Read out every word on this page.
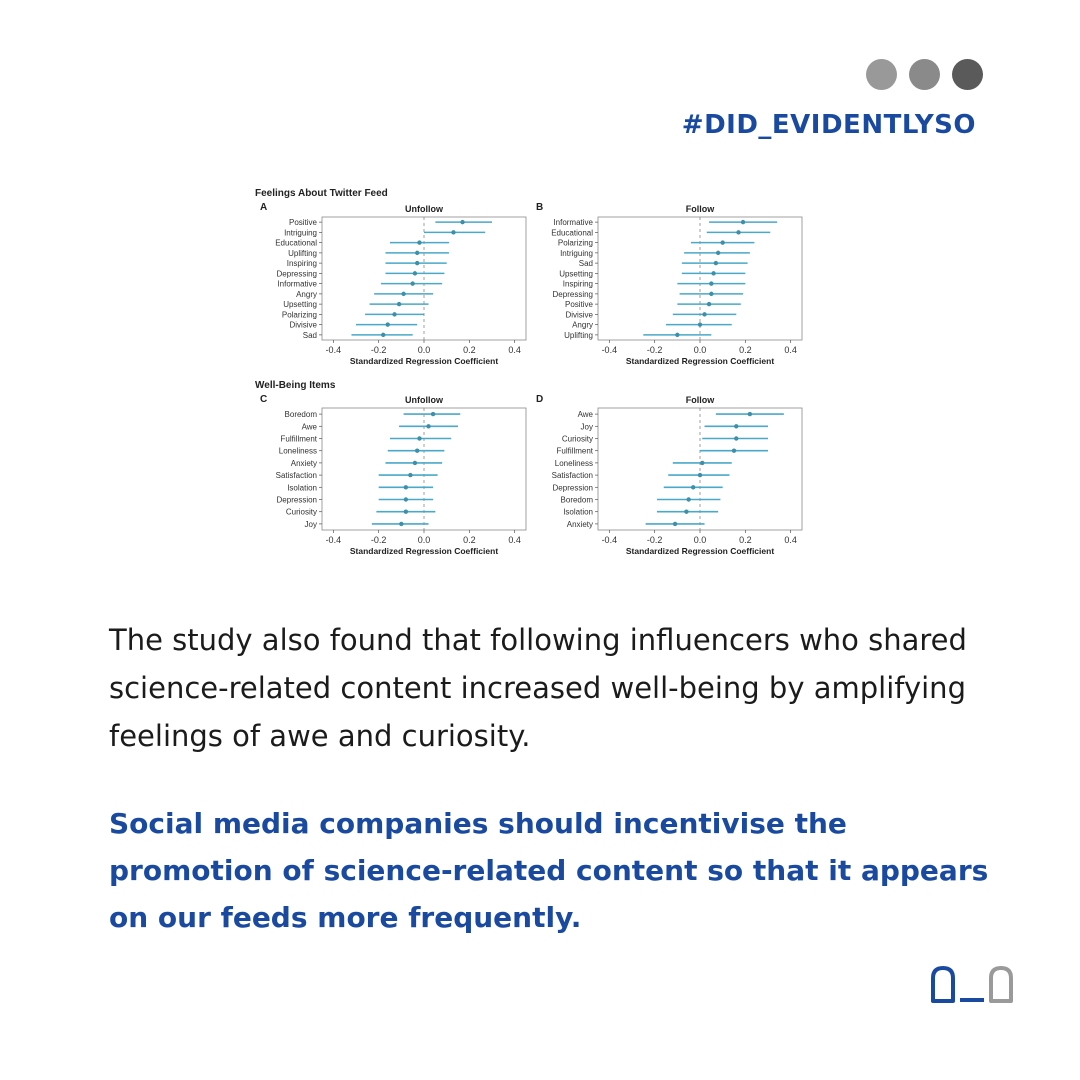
#DID_EVIDENTLYSO
Feelings About Twitter Feed
A	Unfollow
-0.4	-0.2	0.0	0.2	0.4
Standardized Regression Coefficient
Positive
Intriguing
Educational
Uplifting
Inspiring
Depressing
Informative
Angry
Upsetting
Polarizing
Divisive
Sad
B	Follow
-0.4	-0.2	0.0	0.2	0.4
Standardized Regression Coefficient
Informative
Educational
Polarizing
Intriguing
Sad
Upsetting
Inspiring
Depressing
Positive
Divisive
Angry
Uplifting
Well-Being Items
C	Unfollow
-0.4	-0.2	0.0	0.2	0.4
Standardized Regression Coefficient
Boredom
Awe
Fulfillment
Loneliness
Anxiety
Satisfaction
Isolation
Depression
Curiosity
Joy
D	Follow
-0.4	-0.2	0.0	0.2	0.4
Standardized Regression Coefficient
Awe
Joy
Curiosity
Fulfillment
Loneliness
Satisfaction
Depression
Boredom
Isolation
Anxiety

The study also found that following influencers who shared science-related content increased well-being by amplifying feelings of awe and curiosity.

Social media companies should incentivise the promotion of science-related content so that it appears on our feeds more frequently.
